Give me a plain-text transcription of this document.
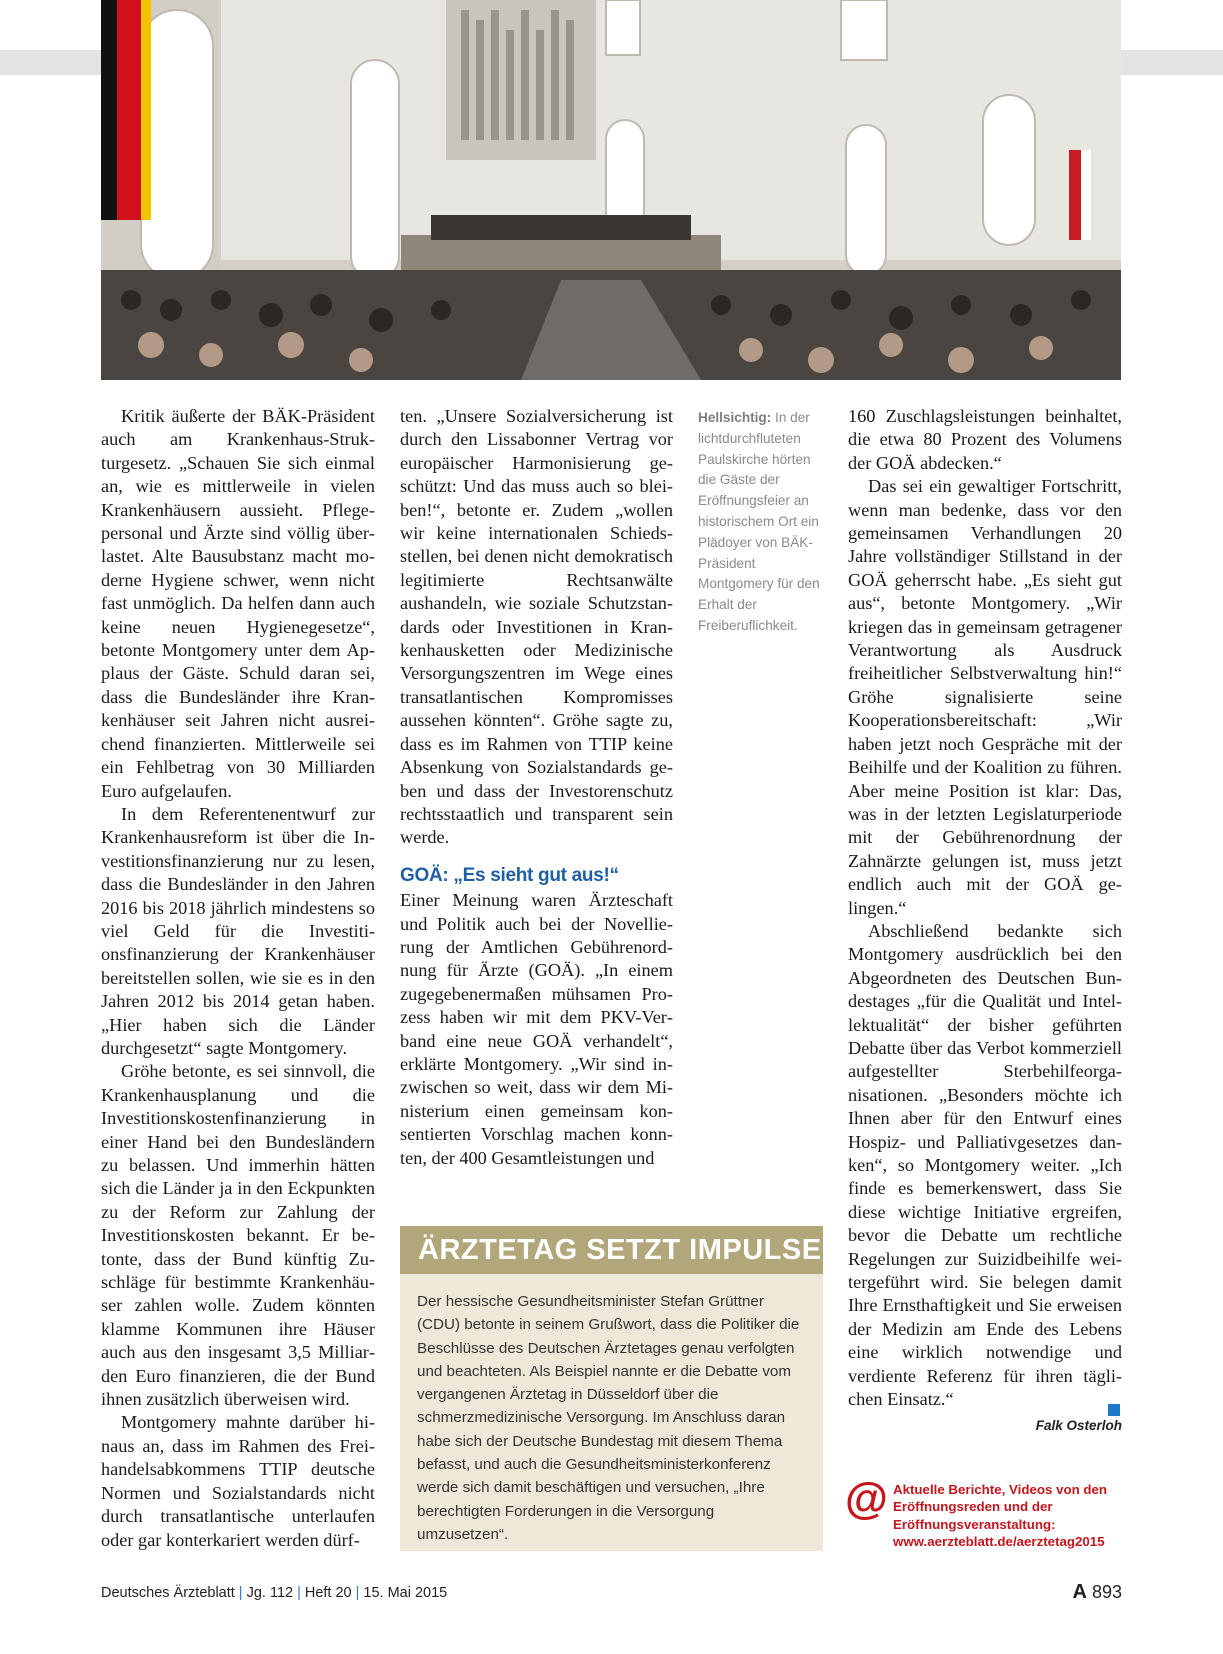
Kritik äußerte der BÄK-Präsident auch am Krankenhaus-Strukturgesetz. „Schauen Sie sich einmal an, wie es mittlerweile in vielen Krankenhäusern aussieht. Pflegepersonal und Ärzte sind völlig überlastet. Alte Bausubstanz macht moderne Hygiene schwer, wenn nicht fast unmöglich. Da helfen dann auch keine neuen Hygienegesetze“, betonte Montgomery unter dem Applaus der Gäste. Schuld daran sei, dass die Bundesländer ihre Krankenhäuser seit Jahren nicht ausreichend finanzierten. Mittlerweile sei ein Fehlbetrag von 30 Milliarden Euro aufgelaufen.

In dem Referentenentwurf zur Krankenhausreform ist über die Investitionsfinanzierung nur zu lesen, dass die Bundesländer in den Jahren 2016 bis 2018 jährlich mindestens so viel Geld für die Investitionsfinanzierung der Krankenhäuser bereitstellen sollen, wie sie es in den Jahren 2012 bis 2014 getan haben. „Hier haben sich die Länder durchgesetzt“ sagte Montgomery.

Gröhe betonte, es sei sinnvoll, die Krankenhausplanung und die Investitionskostenfinanzierung in einer Hand bei den Bundesländern zu belassen. Und immerhin hätten sich die Länder ja in den Eckpunkten zu der Reform zur Zahlung der Investitionskosten bekannt. Er betonte, dass der Bund künftig Zuschläge für bestimmte Krankenhäuser zahlen wolle. Zudem könnten klamme Kommunen ihre Häuser auch aus den insgesamt 3,5 Milliarden Euro finanzieren, die der Bund ihnen zusätzlich überweisen wird.

Montgomery mahnte darüber hinaus an, dass im Rahmen des Freihandelsabkommens TTIP deutsche Normen und Sozialstandards nicht durch transatlantische unterlaufen oder gar konterkariert werden dürf-

ten. „Unsere Sozialversicherung ist durch den Lissabonner Vertrag vor europäischer Harmonisierung geschützt: Und das muss auch so bleiben!“, betonte er. Zudem „wollen wir keine internationalen Schiedsstellen, bei denen nicht demokratisch legitimierte Rechtsanwälte aushandeln, wie soziale Schutzstandards oder Investitionen in Krankenhausketten oder Medizinische Versorgungszentren im Wege eines transatlantischen Kompromisses aussehen könnten“. Gröhe sagte zu, dass es im Rahmen von TTIP keine Absenkung von Sozialstandards geben und dass der Investorenschutz rechtsstaatlich und transparent sein werde.

GOÄ: „Es sieht gut aus!“

Einer Meinung waren Ärzteschaft und Politik auch bei der Novellierung der Amtlichen Gebührenordnung für Ärzte (GOÄ). „In einem zugegebenermaßen mühsamen Prozess haben wir mit dem PKV-Verband eine neue GOÄ verhandelt“, erklärte Montgomery. „Wir sind inzwischen so weit, dass wir dem Ministerium einen gemeinsam konsentierten Vorschlag machen konnten, der 400 Gesamtleistungen und

Hellsichtig: In der lichtdurchfluteten Paulskirche hörten die Gäste der Eröffnungsfeier an historischem Ort ein Plädoyer von BÄK-Präsident Montgomery für den Erhalt der Freiberuflichkeit.
ÄRZTETAG SETZT IMPULSE
Der hessische Gesundheitsminister Stefan Grüttner (CDU) betonte in seinem Grußwort, dass die Politiker die Beschlüsse des Deutschen Ärztetages genau verfolgten und beachteten. Als Beispiel nannte er die Debatte vom vergangenen Ärztetag in Düsseldorf über die schmerzmedizinische Versorgung. Im Anschluss daran habe sich der Deutsche Bundestag mit diesem Thema befasst, und auch die Gesundheitsministerkonferenz werde sich damit beschäftigen und versuchen, „Ihre berechtigten Forderungen in die Versorgung umzusetzen“.

160 Zuschlagsleistungen beinhaltet, die etwa 80 Prozent des Volumens der GOÄ abdecken.“

Das sei ein gewaltiger Fortschritt, wenn man bedenke, dass vor den gemeinsamen Verhandlungen 20 Jahre vollständiger Stillstand in der GOÄ geherrscht habe. „Es sieht gut aus“, betonte Montgomery. „Wir kriegen das in gemeinsam getragener Verantwortung als Ausdruck freiheitlicher Selbstverwaltung hin!“ Gröhe signalisierte seine Kooperationsbereitschaft: „Wir haben jetzt noch Gespräche mit der Beihilfe und der Koalition zu führen. Aber meine Position ist klar: Das, was in der letzten Legislaturperiode mit der Gebührenordnung der Zahnärzte gelungen ist, muss jetzt endlich auch mit der GOÄ gelingen.“

Abschließend bedankte sich Montgomery ausdrücklich bei den Abgeordneten des Deutschen Bundestages „für die Qualität und Intellektualität“ der bisher geführten Debatte über das Verbot kommerziell aufgestellter Sterbehilfeorganisationen. „Besonders möchte ich Ihnen aber für den Entwurf eines Hospiz- und Palliativgesetzes danken“, so Montgomery weiter. „Ich finde es bemerkenswert, dass Sie diese wichtige Initiative ergreifen, bevor die Debatte um rechtliche Regelungen zur Suizidbeihilfe weitergeführt wird. Sie belegen damit Ihre Ernsthaftigkeit und Sie erweisen der Medizin am Ende des Lebens eine wirklich notwendige und verdiente Referenz für ihren täglichen Einsatz.“

Falk Osterloh
@ Aktuelle Berichte, Videos von den Eröffnungsreden und der Eröffnungsveranstaltung:
www.aerzteblatt.de/aerztetag2015
Deutsches Ärzteblatt | Jg. 112 | Heft 20 | 15. Mai 2015	A 893
